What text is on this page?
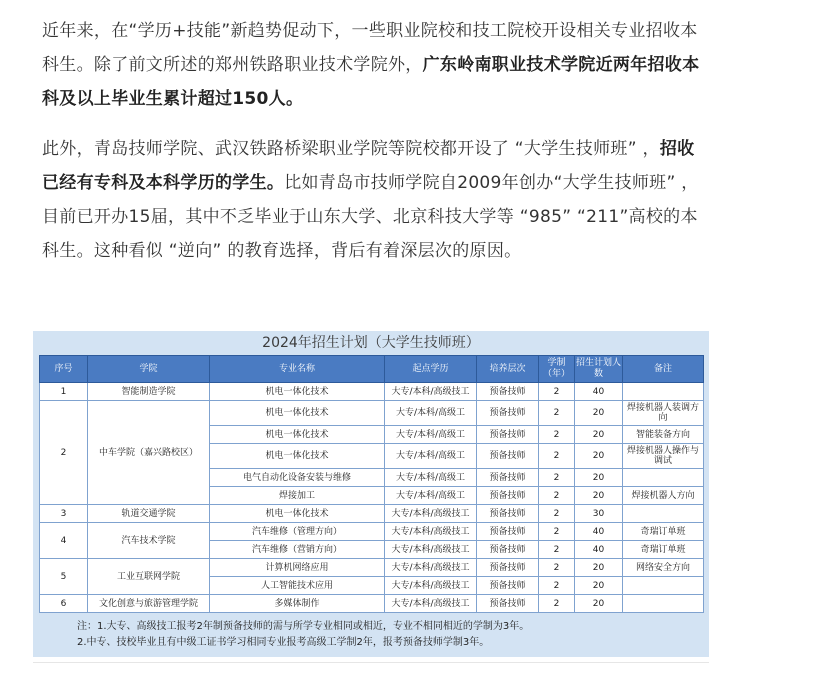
近年来，在“学历+技能”新趋势促动下，一些职业院校和技工院校开设相关专业招收本科生。除了前文所述的郑州铁路职业技术学院外，广东岭南职业技术学院近两年招收本科及以上毕业生累计超过150人。

此外，青岛技师学院、武汉铁路桥梁职业学院等院校都开设了 “大学生技师班” ，招收已经有专科及本科学历的学生。比如青岛市技师学院自2009年创办“大学生技师班” ，目前已开办15届，其中不乏毕业于山东大学、北京科技大学等 “985” “211”高校的本科生。这种看似 “逆向” 的教育选择，背后有着深层次的原因。

2024年招生计划（大学生技师班）
序号	学院	专业名称	起点学历	培养层次	学制（年）	招生计划人数	备注
1	智能制造学院	机电一体化技术	大专/本科/高级技工	预备技师	2	40	
2	中车学院（嘉兴路校区）	机电一体化技术	大专/本科/高级工	预备技师	2	20	焊接机器人装调方向
		机电一体化技术	大专/本科/高级工	预备技师	2	20	智能装备方向
		机电一体化技术	大专/本科/高级工	预备技师	2	20	焊接机器人操作与调试
		电气自动化设备安装与维修	大专/本科/高级工	预备技师	2	20	
		焊接加工	大专/本科/高级工	预备技师	2	20	焊接机器人方向
3	轨道交通学院	机电一体化技术	大专/本科/高级技工	预备技师	2	30	
4	汽车技术学院	汽车维修（管理方向）	大专/本科/高级技工	预备技师	2	40	奇瑞订单班
		汽车维修（营销方向）	大专/本科/高级技工	预备技师	2	40	奇瑞订单班
5	工业互联网学院	计算机网络应用	大专/本科/高级技工	预备技师	2	20	网络安全方向
		人工智能技术应用	大专/本科/高级技工	预备技师	2	20	
6	文化创意与旅游管理学院	多媒体制作	大专/本科/高级技工	预备技师	2	20	
注：1.大专、高级技工报考2年制预备技师的需与所学专业相同或相近，专业不相同相近的学制为3年。
2.中专、技校毕业且有中级工证书学习相同专业报考高级工学制2年，报考预备技师学制3年。
